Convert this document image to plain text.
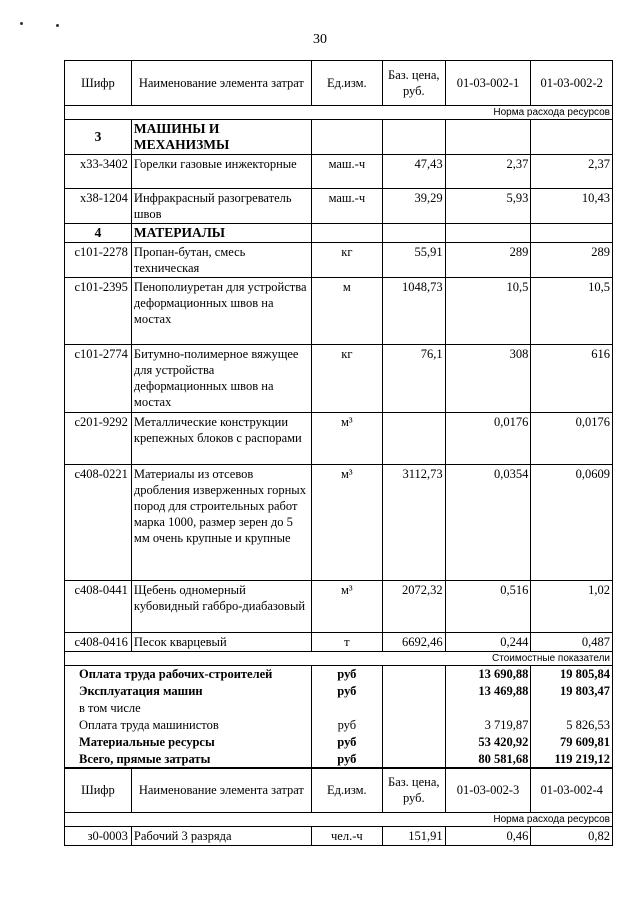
30
Шифр	Наименование элемента затрат	Ед.изм.	Баз. цена, руб.	01-03-002-1	01-03-002-2
Норма расхода ресурсов					
3	МАШИНЫ И МЕХАНИЗМЫ				
х33-3402	Горелки газовые инжекторные	маш.-ч	47,43	2,37	2,37
х38-1204	Инфракрасный разогреватель швов	маш.-ч	39,29	5,93	10,43
4	МАТЕРИАЛЫ				
с101-2278	Пропан-бутан, смесь техническая	кг	55,91	289	289
с101-2395	Пенополиуретан для устройства деформационных швов на мостах	м	1048,73	10,5	10,5
с101-2774	Битумно-полимерное вяжущее для устройства деформационных швов на мостах	кг	76,1	308	616
с201-9292	Металлические конструкции крепежных блоков с распорами	м³		0,0176	0,0176
с408-0221	Материалы из отсевов дробления изверженных горных пород для строительных работ марка 1000, размер зерен до 5 мм очень крупные и крупные	м³	3112,73	0,0354	0,0609
с408-0441	Щебень одномерный кубовидный габбро-диабазовый	м³	2072,32	0,516	1,02
с408-0416	Песок кварцевый	т	6692,46	0,244	0,487
Стоимостные показатели					
Оплата труда рабочих-строителей		руб		13 690,88	19 805,84
Эксплуатация машин		руб		13 469,88	19 803,47
в том числе					
Оплата труда машинистов		руб		3 719,87	5 826,53
Материальные ресурсы		руб		53 420,92	79 609,81
Всего, прямые затраты		руб		80 581,68	119 219,12
Шифр	Наименование элемента затрат	Ед.изм.	Баз. цена, руб.	01-03-002-3	01-03-002-4
Норма расхода ресурсов					
з0-0003	Рабочий 3 разряда	чел.-ч	151,91	0,46	0,82
